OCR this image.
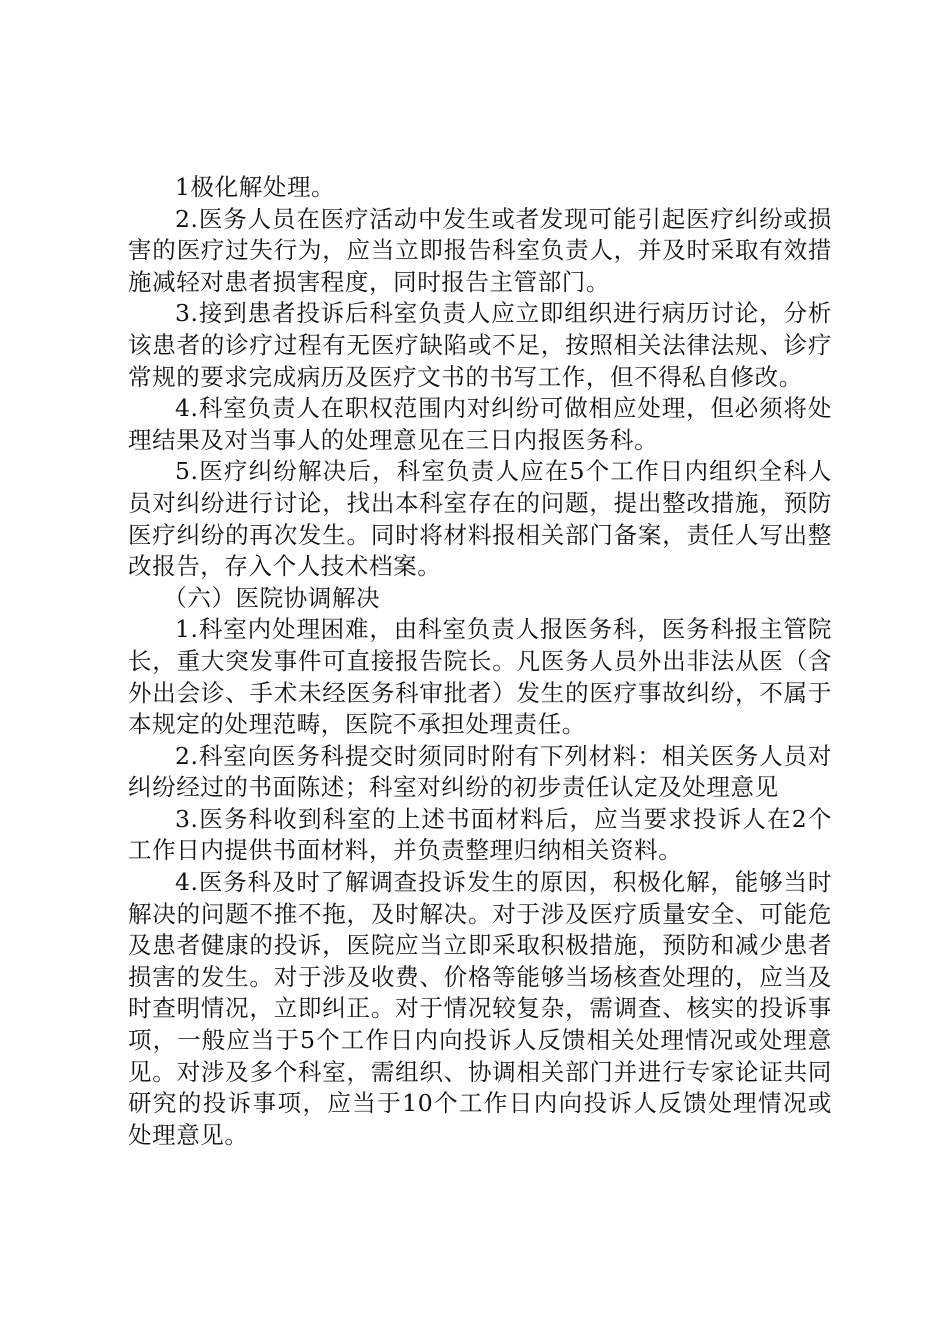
1极化解处理。

2.医务人员在医疗活动中发生或者发现可能引起医疗纠纷或损害的医疗过失行为，应当立即报告科室负责人，并及时采取有效措施减轻对患者损害程度，同时报告主管部门。

3.接到患者投诉后科室负责人应立即组织进行病历讨论，分析该患者的诊疗过程有无医疗缺陷或不足，按照相关法律法规、诊疗常规的要求完成病历及医疗文书的书写工作，但不得私自修改。

4.科室负责人在职权范围内对纠纷可做相应处理，但必须将处理结果及对当事人的处理意见在三日内报医务科。

5.医疗纠纷解决后，科室负责人应在5个工作日内组织全科人员对纠纷进行讨论，找出本科室存在的问题，提出整改措施，预防医疗纠纷的再次发生。同时将材料报相关部门备案，责任人写出整改报告，存入个人技术档案。

（六）医院协调解决

1.科室内处理困难，由科室负责人报医务科，医务科报主管院长，重大突发事件可直接报告院长。凡医务人员外出非法从医（含外出会诊、手术未经医务科审批者）发生的医疗事故纠纷，不属于本规定的处理范畴，医院不承担处理责任。

2.科室向医务科提交时须同时附有下列材料：相关医务人员对纠纷经过的书面陈述；科室对纠纷的初步责任认定及处理意见

3.医务科收到科室的上述书面材料后，应当要求投诉人在2个工作日内提供书面材料，并负责整理归纳相关资料。

4.医务科及时了解调查投诉发生的原因，积极化解，能够当时解决的问题不推不拖，及时解决。对于涉及医疗质量安全、可能危及患者健康的投诉，医院应当立即采取积极措施，预防和减少患者损害的发生。对于涉及收费、价格等能够当场核查处理的，应当及时查明情况，立即纠正。对于情况较复杂，需调查、核实的投诉事项，一般应当于5个工作日内向投诉人反馈相关处理情况或处理意见。对涉及多个科室，需组织、协调相关部门并进行专家论证共同研究的投诉事项，应当于10个工作日内向投诉人反馈处理情况或处理意见。
